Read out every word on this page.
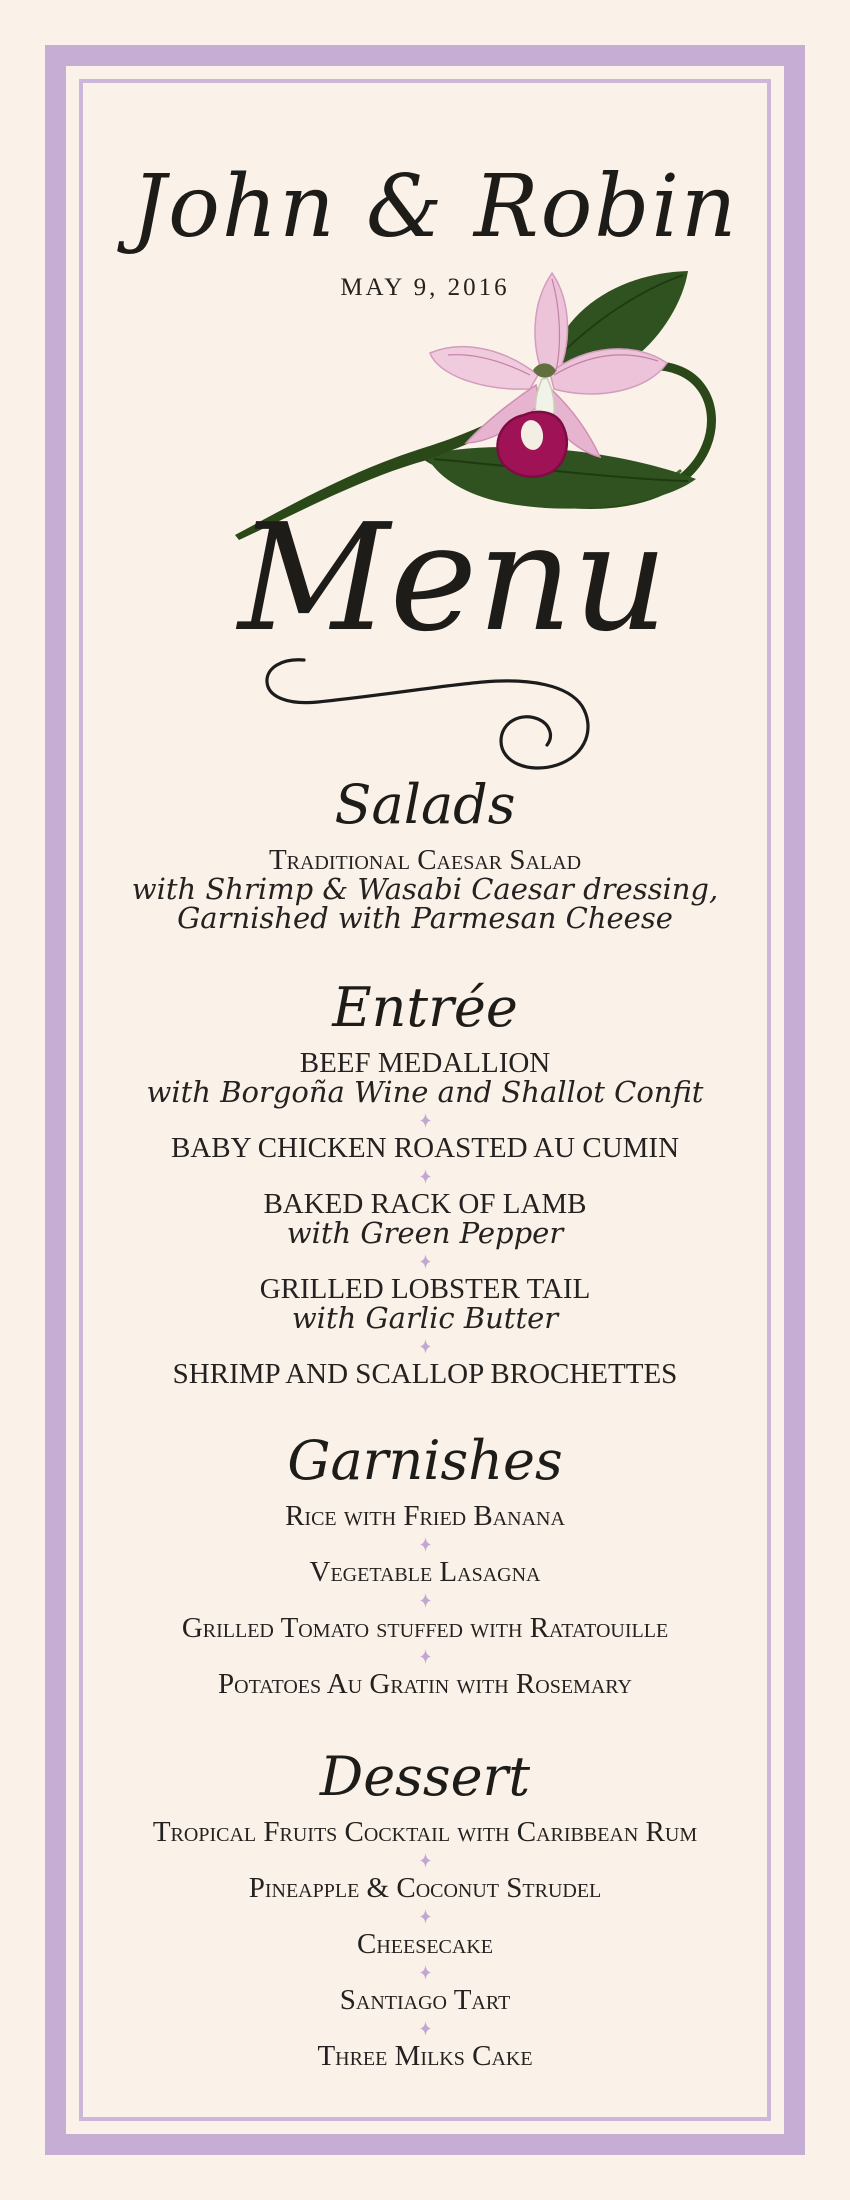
John & Robin
MAY 9, 2016
Menu
Salads
Traditional Caesar Salad
with Shrimp & Wasabi Caesar dressing,
Garnished with Parmesan Cheese
Entrée
BEEF MEDALLION
with Borgoña Wine and Shallot Confit
BABY CHICKEN ROASTED AU CUMIN
BAKED RACK OF LAMB
with Green Pepper
GRILLED LOBSTER TAIL
with Garlic Butter
SHRIMP AND SCALLOP BROCHETTES
Garnishes
Rice with Fried Banana
Vegetable Lasagna
Grilled Tomato stuffed with Ratatouille
Potatoes Au Gratin with Rosemary
Dessert
Tropical Fruits Cocktail with Caribbean Rum
Pineapple & Coconut Strudel
Cheesecake
Santiago Tart
Three Milks Cake
